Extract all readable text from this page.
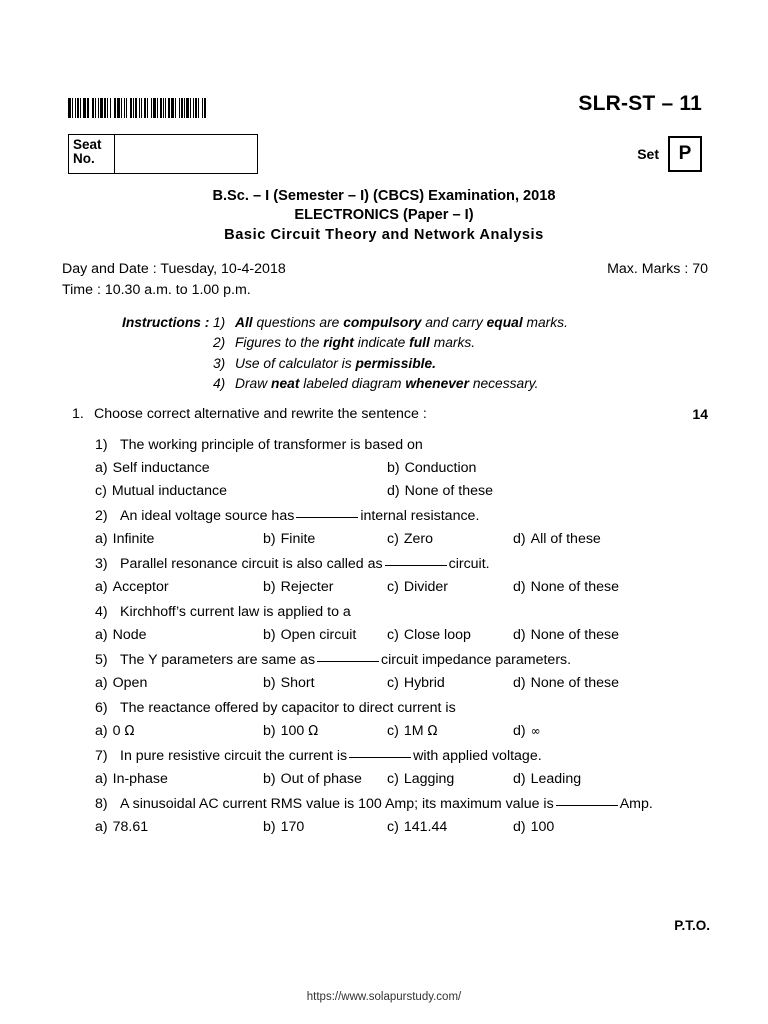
SLR-ST – 11
Seat
No.	Set	P
B.Sc. – I (Semester – I) (CBCS) Examination, 2018
ELECTRONICS (Paper – I)
Basic Circuit Theory and Network Analysis
Day and Date : Tuesday, 10-4-2018	Max. Marks : 70
Time : 10.30 a.m. to 1.00 p.m.
Instructions : 1) All questions are compulsory and carry equal marks.
2) Figures to the right indicate full marks.
3) Use of calculator is permissible.
4) Draw neat labeled diagram whenever necessary.
1. Choose correct alternative and rewrite the sentence :	14
1) The working principle of transformer is based on
a) Self inductance	b) Conduction
c) Mutual inductance	d) None of these
2) An ideal voltage source has	internal resistance.
a) Infinite	b) Finite	c) Zero	d) All of these
3) Parallel resonance circuit is also called as	circuit.
a) Acceptor	b) Rejecter	c) Divider	d) None of these
4) Kirchhoff’s current law is applied to a
a) Node	b) Open circuit c) Close loop	d) None of these
5) The Y parameters are same as	circuit impedance parameters.
a) Open	b) Short	c) Hybrid	d) None of these
6) The reactance offered by capacitor to direct current is
a) 0 Ω	b) 100 Ω	c) 1M Ω	d) ∞
7) In pure resistive circuit the current is	with applied voltage.
a) In-phase	b) Out of phase c) Lagging	d) Leading
8) A sinusoidal AC current RMS value is 100 Amp; its maximum value is	Amp.
a) 78.61	b) 170	c) 141.44	d) 100
P.T.O.
https://www.solapurstudy.com/
